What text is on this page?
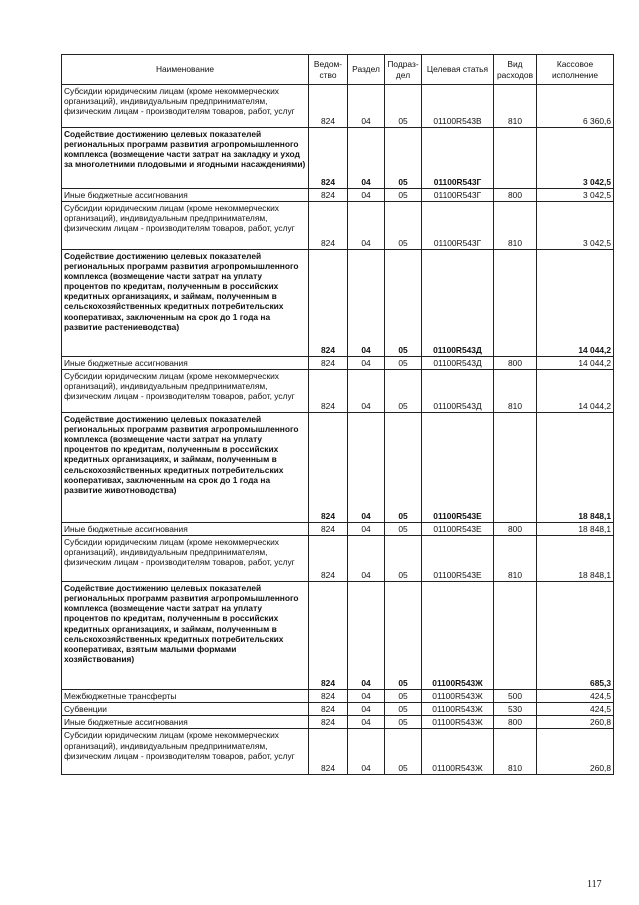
Наименование	Ведом-ство	Раздел	Подраз-дел	Целевая статья	Вид расходов	Кассовое исполнение
Субсидии юридическим лицам (кроме некоммерческих организаций), индивидуальным предпринимателям, физическим лицам - производителям товаров, работ, услуг	824	04	05	01100R543В	810	6 360,6
Содействие достижению целевых показателей региональных программ развития агропромышленного комплекса (возмещение части затрат на закладку и уход за многолетними плодовыми и ягодными насаждениями)	824	04	05	01100R543Г		3 042,5
Иные бюджетные ассигнования	824	04	05	01100R543Г	800	3 042,5
Субсидии юридическим лицам (кроме некоммерческих организаций), индивидуальным предпринимателям, физическим лицам - производителям товаров, работ, услуг	824	04	05	01100R543Г	810	3 042,5
Содействие достижению целевых показателей региональных программ развития агропромышленного комплекса (возмещение части затрат на уплату процентов по кредитам, полученным в российских кредитных организациях, и займам, полученным в сельскохозяйственных кредитных потребительских кооперативах, заключенным на срок до 1 года на развитие растениеводства)	824	04	05	01100R543Д		14 044,2
Иные бюджетные ассигнования	824	04	05	01100R543Д	800	14 044,2
Субсидии юридическим лицам (кроме некоммерческих организаций), индивидуальным предпринимателям, физическим лицам - производителям товаров, работ, услуг	824	04	05	01100R543Д	810	14 044,2
Содействие достижению целевых показателей региональных программ развития агропромышленного комплекса (возмещение части затрат на уплату процентов по кредитам, полученным в российских кредитных организациях, и займам, полученным в сельскохозяйственных кредитных потребительских кооперативах, заключенным на срок до 1 года на развитие животноводства)	824	04	05	01100R543Е		18 848,1
Иные бюджетные ассигнования	824	04	05	01100R543Е	800	18 848,1
Субсидии юридическим лицам (кроме некоммерческих организаций), индивидуальным предпринимателям, физическим лицам - производителям товаров, работ, услуг	824	04	05	01100R543Е	810	18 848,1
Содействие достижению целевых показателей региональных программ развития агропромышленного комплекса (возмещение части затрат на уплату процентов по кредитам, полученным в российских кредитных организациях, и займам, полученным в сельскохозяйственных кредитных потребительских кооперативах, взятым малыми формами хозяйствования)	824	04	05	01100R543Ж		685,3
Межбюджетные трансферты	824	04	05	01100R543Ж	500	424,5
Субвенции	824	04	05	01100R543Ж	530	424,5
Иные бюджетные ассигнования	824	04	05	01100R543Ж	800	260,8
Субсидии юридическим лицам (кроме некоммерческих организаций), индивидуальным предпринимателям, физическим лицам - производителям товаров, работ, услуг	824	04	05	01100R543Ж	810	260,8
117
